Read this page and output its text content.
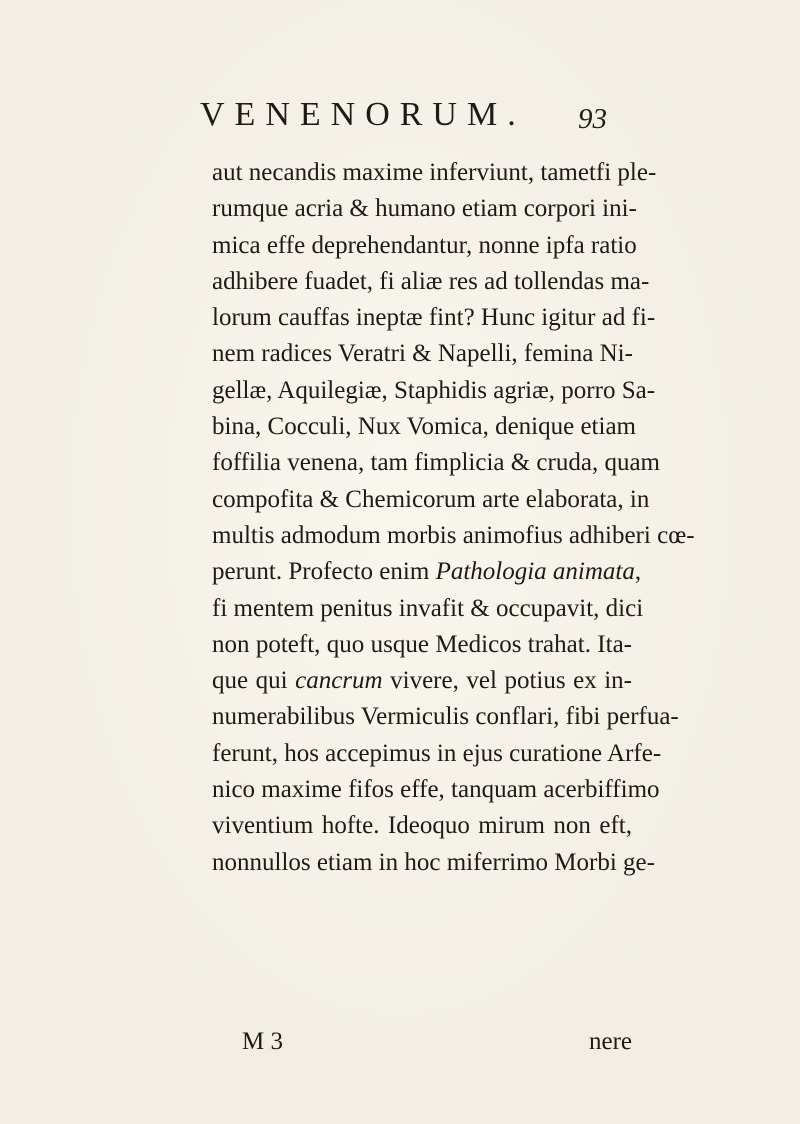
VENENORUM. 93
aut necandis maxime inferviunt, tametfi ple-
rumque acria & humano etiam corpori ini-
mica effe deprehendantur, nonne ipfa ratio
adhibere fuadet, fi aliæ res ad tollendas ma-
lorum cauffas ineptæ fint? Hunc igitur ad fi-
nem radices Veratri & Napelli, femina Ni-
gellæ, Aquilegiæ, Staphidis agriæ, porro Sa-
bina, Cocculi, Nux Vomica, denique etiam
foffilia venena, tam fimplicia & cruda, quam
compofita & Chemicorum arte elaborata, in
multis admodum morbis animofius adhiberi cœ-
perunt. Profecto enim Pathologia animata,
fi mentem penitus invafit & occupavit, dici
non poteft, quo usque Medicos trahat. Ita-
que qui cancrum vivere, vel potius ex in-
numerabilibus Vermiculis conflari, fibi perfua-
ferunt, hos accepimus in ejus curatione Arfe-
nico maxime fifos effe, tanquam acerbiffimo
viventium hofte. Ideoquo mirum non eft,
nonnullos etiam in hoc miferrimo Morbi ge-
M 3	nere
